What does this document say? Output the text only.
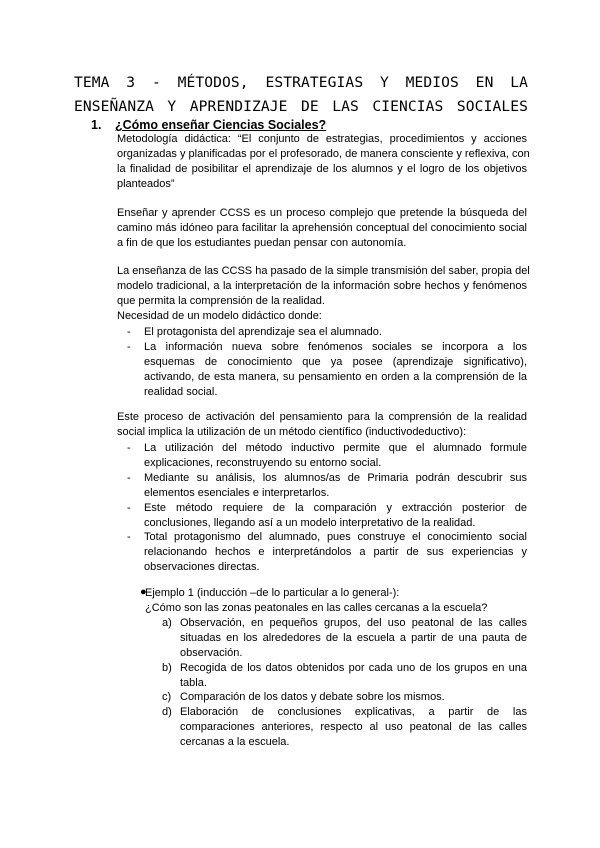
TEMA 3 - MÉTODOS, ESTRATEGIAS Y MEDIOS EN LA
ENSEÑANZA Y APRENDIZAJE DE LAS CIENCIAS SOCIALES
1. ¿Cómo enseñar Ciencias Sociales?
Metodología didáctica: “El conjunto de estrategias, procedimientos y acciones
organizadas y planificadas por el profesorado, de manera consciente y reflexiva, con
la finalidad de posibilitar el aprendizaje de los alumnos y el logro de los objetivos
planteados”
Enseñar y aprender CCSS es un proceso complejo que pretende la búsqueda del
camino más idóneo para facilitar la aprehensión conceptual del conocimiento social
a fin de que los estudiantes puedan pensar con autonomía.
La enseñanza de las CCSS ha pasado de la simple transmisión del saber, propia del
modelo tradicional, a la interpretación de la información sobre hechos y fenómenos
que permita la comprensión de la realidad.
Necesidad de un modelo didáctico donde:
- El protagonista del aprendizaje sea el alumnado.
- La información nueva sobre fenómenos sociales se incorpora a los
esquemas de conocimiento que ya posee (aprendizaje significativo),
activando, de esta manera, su pensamiento en orden a la comprensión de la
realidad social.
Este proceso de activación del pensamiento para la comprensión de la realidad
social implica la utilización de un método científico (inductivodeductivo):
- La utilización del método inductivo permite que el alumnado formule
explicaciones, reconstruyendo su entorno social.
- Mediante su análisis, los alumnos/as de Primaria podrán descubrir sus
elementos esenciales e interpretarlos.
- Este método requiere de la comparación y extracción posterior de
conclusiones, llegando así a un modelo interpretativo de la realidad.
- Total protagonismo del alumnado, pues construye el conocimiento social
relacionando hechos e interpretándolos a partir de sus experiencias y
observaciones directas.
●
Ejemplo 1 (inducción –de lo particular a lo general-):
¿Cómo son las zonas peatonales en las calles cercanas a la escuela?
a) Observación, en pequeños grupos, del uso peatonal de las calles
situadas en los alrededores de la escuela a partir de una pauta de
observación.
b) Recogida de los datos obtenidos por cada uno de los grupos en una
tabla.
c) Comparación de los datos y debate sobre los mismos.
d) Elaboración de conclusiones explicativas, a partir de las
comparaciones anteriores, respecto al uso peatonal de las calles
cercanas a la escuela.
